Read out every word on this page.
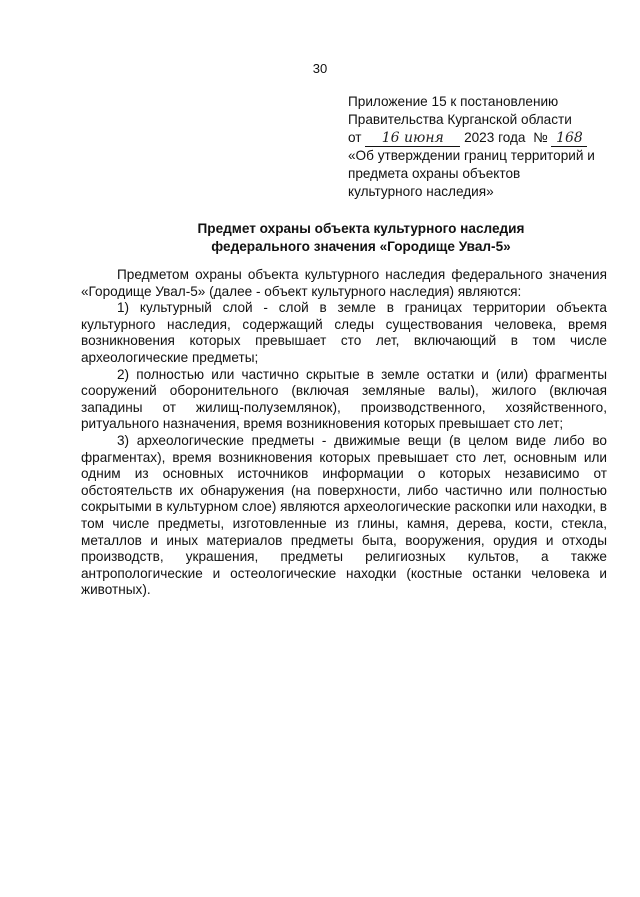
30
Приложение 15 к постановлению
Правительства Курганской области
от 16 июня 2023 года № 168
«Об утверждении границ территорий и
предмета охраны объектов
культурного наследия»
Предмет охраны объекта культурного наследия
федерального значения «Городище Увал-5»

Предметом охраны объекта культурного наследия федерального значения «Городище Увал-5» (далее - объект культурного наследия) являются:

1) культурный слой - слой в земле в границах территории объекта культурного наследия, содержащий следы существования человека, время возникновения которых превышает сто лет, включающий в том числе археологические предметы;

2) полностью или частично скрытые в земле остатки и (или) фрагменты сооружений оборонительного (включая земляные валы), жилого (включая западины от жилищ-полуземлянок), производственного, хозяйственного, ритуального назначения, время возникновения которых превышает сто лет;

3) археологические предметы - движимые вещи (в целом виде либо во фрагментах), время возникновения которых превышает сто лет, основным или одним из основных источников информации о которых независимо от обстоятельств их обнаружения (на поверхности, либо частично или полностью сокрытыми в культурном слое) являются археологические раскопки или находки, в том числе предметы, изготовленные из глины, камня, дерева, кости, стекла, металлов и иных материалов предметы быта, вооружения, орудия и отходы производств, украшения, предметы религиозных культов, а также антропологические и остеологические находки (костные останки человека и животных).
